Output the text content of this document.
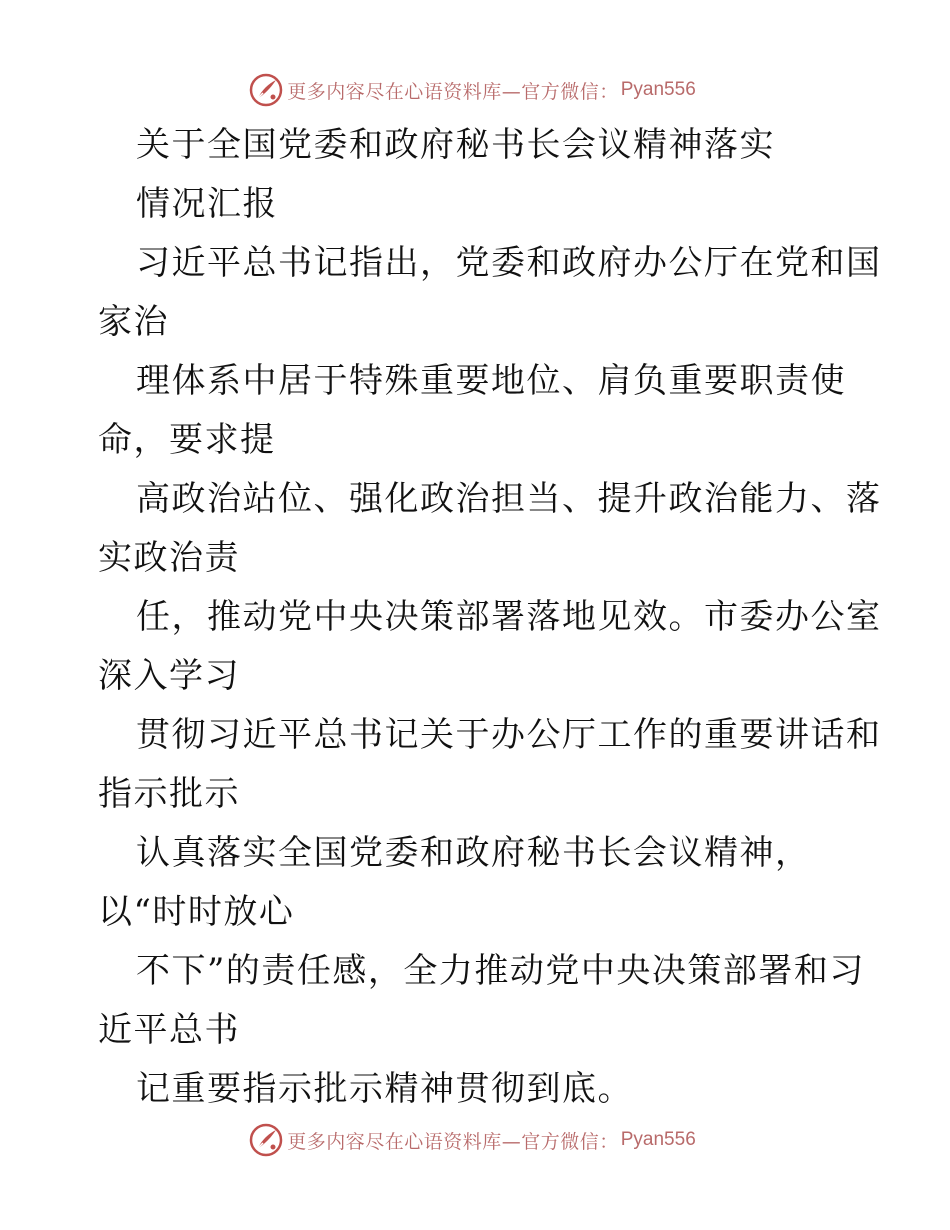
更多内容尽在心语资料库—官方微信： Pyan556
关于全国党委和政府秘书长会议精神落实
情况汇报
习近平总书记指出，党委和政府办公厅在党和国
家治
理体系中居于特殊重要地位、肩负重要职责使
命，要求提
高政治站位、强化政治担当、提升政治能力、落
实政治责
任，推动党中央决策部署落地见效。市委办公室
深入学习
贯彻习近平总书记关于办公厅工作的重要讲话和
指示批示
认真落实全国党委和政府秘书长会议精神，
以“时时放心
不下”的责任感，全力推动党中央决策部署和习
近平总书
记重要指示批示精神贯彻到底。
更多内容尽在心语资料库—官方微信： Pyan556
